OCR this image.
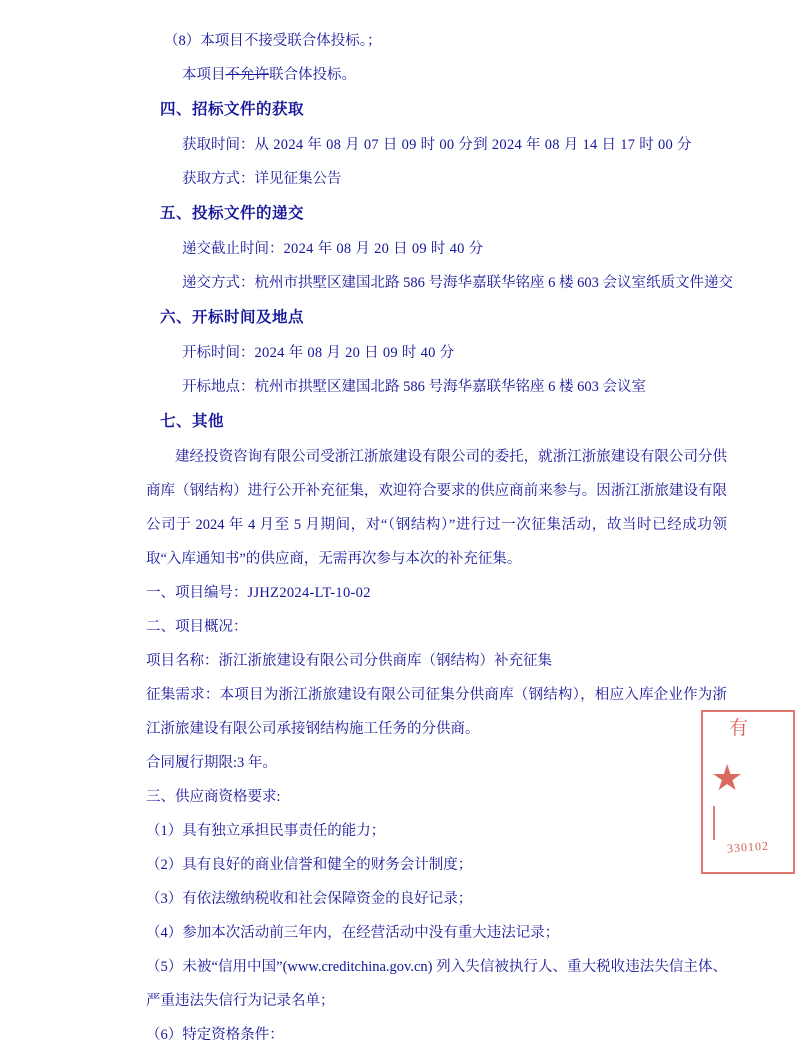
（8）本项目不接受联合体投标。；
本项目不允许联合体投标。
四、招标文件的获取
获取时间：从 2024 年 08 月 07 日 09 时 00 分到 2024 年 08 月 14 日 17 时 00 分
获取方式：详见征集公告
五、投标文件的递交
递交截止时间：2024 年 08 月 20 日 09 时 40 分
递交方式：杭州市拱墅区建国北路 586 号海华嘉联华铭座 6 楼 603 会议室纸质文件递交
六、开标时间及地点
开标时间：2024 年 08 月 20 日 09 时 40 分
开标地点：杭州市拱墅区建国北路 586 号海华嘉联华铭座 6 楼 603 会议室
七、其他
建经投资咨询有限公司受浙江浙旅建设有限公司的委托，就浙江浙旅建设有限公司分供商库（钢结构）进行公开补充征集，欢迎符合要求的供应商前来参与。因浙江浙旅建设有限公司于 2024 年 4 月至 5 月期间，对“（钢结构）”进行过一次征集活动，故当时已经成功领取“入库通知书”的供应商，无需再次参与本次的补充征集。
一、项目编号：JJHZ2024-LT-10-02
二、项目概况：
项目名称：浙江浙旅建设有限公司分供商库（钢结构）补充征集
征集需求：本项目为浙江浙旅建设有限公司征集分供商库（钢结构），相应入库企业作为浙江浙旅建设有限公司承接钢结构施工任务的分供商。
合同履行期限:3 年。
三、供应商资格要求:
（1）具有独立承担民事责任的能力；
（2）具有良好的商业信誉和健全的财务会计制度；
（3）有依法缴纳税收和社会保障资金的良好记录；
（4）参加本次活动前三年内，在经营活动中没有重大违法记录；
（5）未被“信用中国”(www.creditchina.gov.cn) 列入失信被执行人、重大税收违法失信主体、严重违法失信行为记录名单；
（6）特定资格条件：
有
★
330102
